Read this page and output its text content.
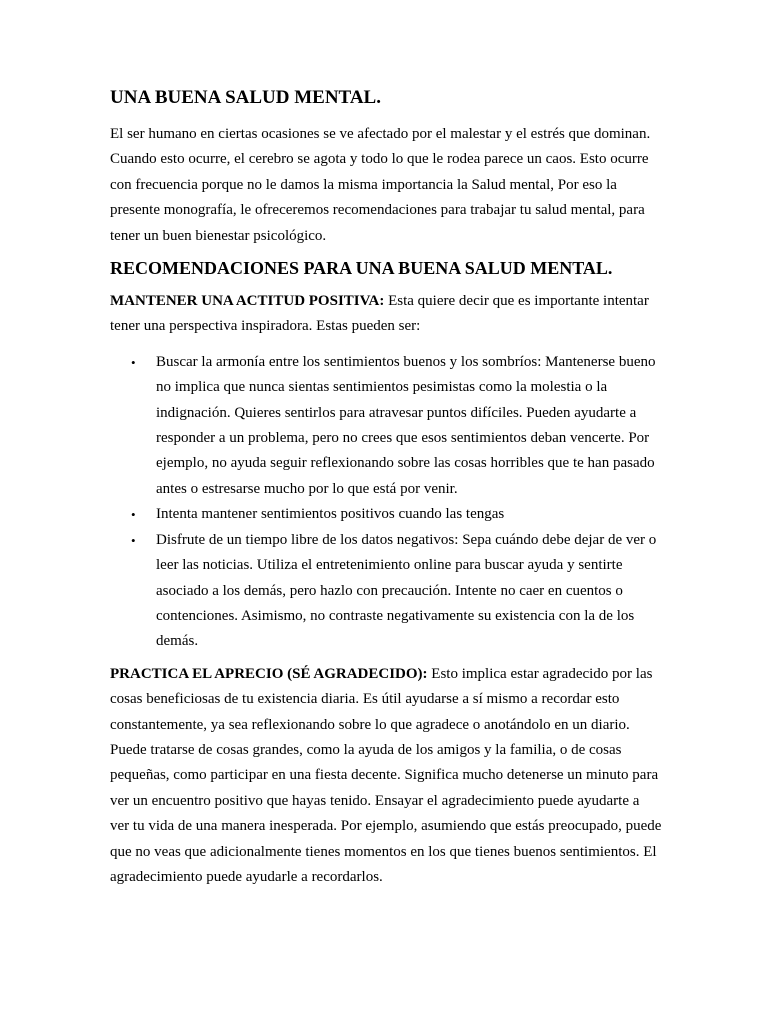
UNA BUENA SALUD MENTAL.

El ser humano en ciertas ocasiones se ve afectado por el malestar y el estrés que dominan. Cuando esto ocurre, el cerebro se agota y todo lo que le rodea parece un caos. Esto ocurre con frecuencia porque no le damos la misma importancia la Salud mental, Por eso la presente monografía, le ofreceremos recomendaciones para trabajar tu salud mental, para tener un buen bienestar psicológico.

RECOMENDACIONES PARA UNA BUENA SALUD MENTAL.

MANTENER UNA ACTITUD POSITIVA: Esta quiere decir que es importante intentar tener una perspectiva inspiradora. Estas pueden ser:

• Buscar la armonía entre los sentimientos buenos y los sombríos: Mantenerse bueno no implica que nunca sientas sentimientos pesimistas como la molestia o la indignación. Quieres sentirlos para atravesar puntos difíciles. Pueden ayudarte a responder a un problema, pero no crees que esos sentimientos deban vencerte. Por ejemplo, no ayuda seguir reflexionando sobre las cosas horribles que te han pasado antes o estresarse mucho por lo que está por venir.
• Intenta mantener sentimientos positivos cuando las tengas
• Disfrute de un tiempo libre de los datos negativos: Sepa cuándo debe dejar de ver o leer las noticias. Utiliza el entretenimiento online para buscar ayuda y sentirte asociado a los demás, pero hazlo con precaución. Intente no caer en cuentos o contenciones. Asimismo, no contraste negativamente su existencia con la de los demás.

PRACTICA EL APRECIO (SÉ AGRADECIDO): Esto implica estar agradecido por las cosas beneficiosas de tu existencia diaria. Es útil ayudarse a sí mismo a recordar esto constantemente, ya sea reflexionando sobre lo que agradece o anotándolo en un diario. Puede tratarse de cosas grandes, como la ayuda de los amigos y la familia, o de cosas pequeñas, como participar en una fiesta decente. Significa mucho detenerse un minuto para ver un encuentro positivo que hayas tenido. Ensayar el agradecimiento puede ayudarte a ver tu vida de una manera inesperada. Por ejemplo, asumiendo que estás preocupado, puede que no veas que adicionalmente tienes momentos en los que tienes buenos sentimientos. El agradecimiento puede ayudarle a recordarlos.
